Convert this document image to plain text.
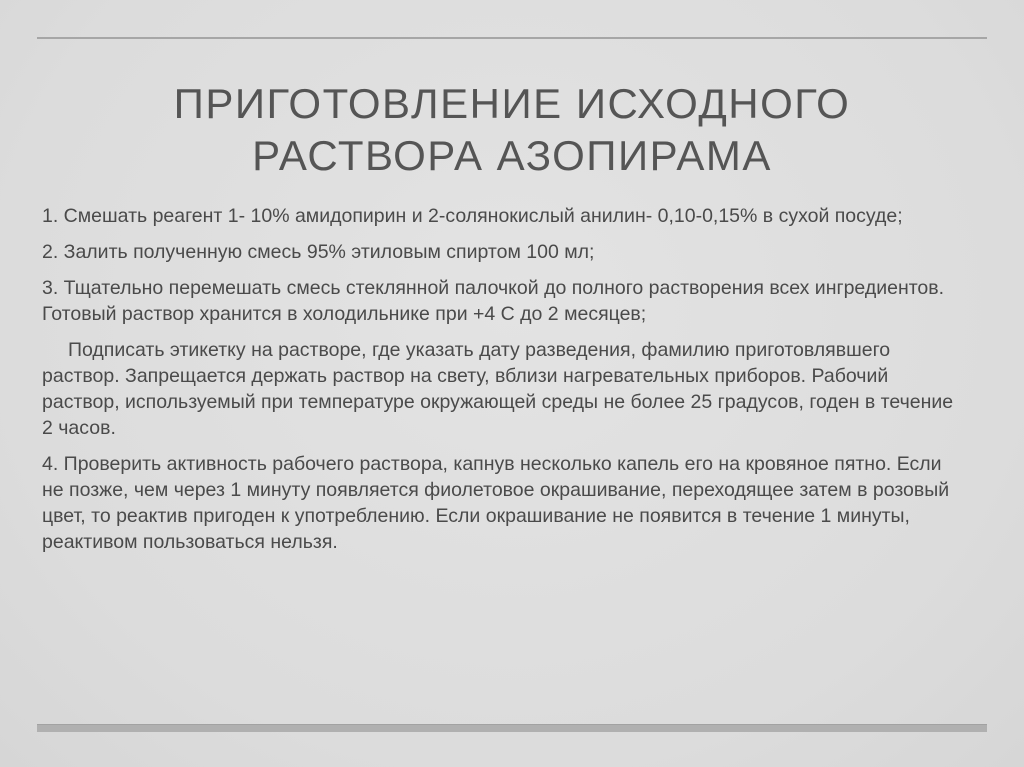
ПРИГОТОВЛЕНИЕ ИСХОДНОГО
РАСТВОРА АЗОПИРАМА

1. Смешать реагент 1- 10% амидопирин и 2-солянокислый анилин- 0,10-0,15% в сухой посуде;

2. Залить полученную смесь 95% этиловым спиртом 100 мл;

3. Тщательно перемешать смесь стеклянной палочкой до полного растворения всех ингредиентов. Готовый раствор хранится в холодильнике при +4 С до 2 месяцев;

Подписать этикетку на растворе, где указать дату разведения, фамилию приготовлявшего раствор. Запрещается держать раствор на свету, вблизи нагревательных приборов. Рабочий раствор, используемый при температуре окружающей среды не более 25 градусов, годен в течение 2 часов.

4. Проверить активность рабочего раствора, капнув несколько капель его на кровяное пятно. Если не позже, чем через 1 минуту появляется фиолетовое окрашивание, переходящее затем в розовый цвет, то реактив пригоден к употреблению. Если окрашивание не появится в течение 1 минуты, реактивом пользоваться нельзя.
